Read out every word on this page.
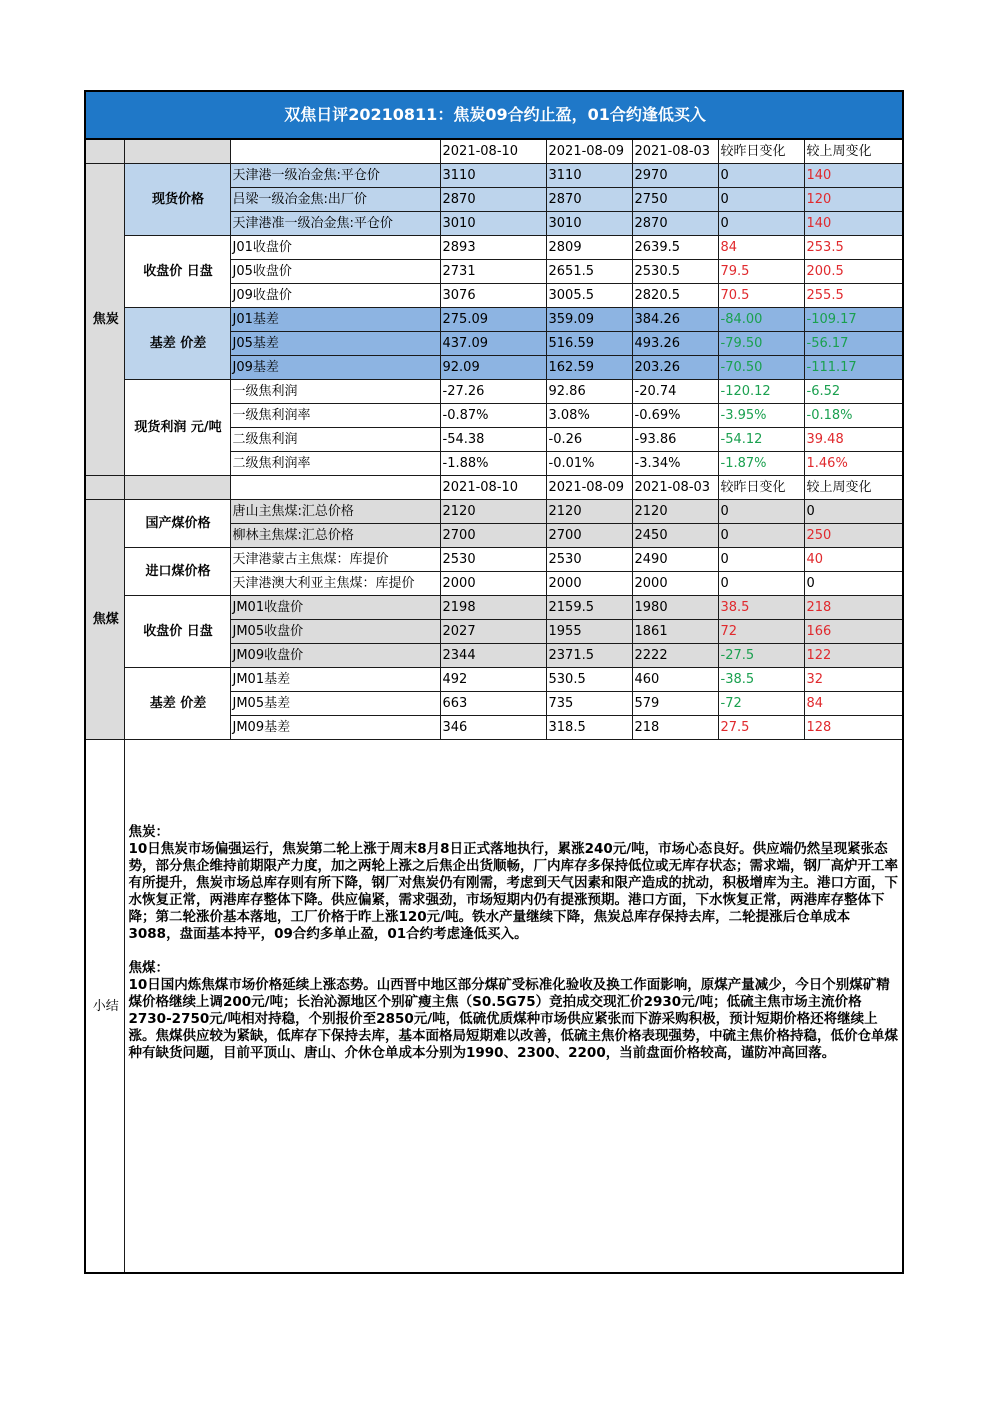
双焦日评20210811：焦炭09合约止盈，01合约逢低买入							
			2021-08-10	2021-08-09	2021-08-03	较昨日变化	较上周变化
焦炭	现货价格	天津港一级冶金焦:平仓价	3110	3110	2970	0	140
		吕梁一级冶金焦:出厂价	2870	2870	2750	0	120
		天津港准一级冶金焦:平仓价	3010	3010	2870	0	140
	收盘价 日盘	J01收盘价	2893	2809	2639.5	84	253.5
		J05收盘价	2731	2651.5	2530.5	79.5	200.5
		J09收盘价	3076	3005.5	2820.5	70.5	255.5
	基差 价差	J01基差	275.09	359.09	384.26	-84.00	-109.17
		J05基差	437.09	516.59	493.26	-79.50	-56.17
		J09基差	92.09	162.59	203.26	-70.50	-111.17
	现货利润 元/吨	一级焦利润	-27.26	92.86	-20.74	-120.12	-6.52
		一级焦利润率	-0.87%	3.08%	-0.69%	-3.95%	-0.18%
		二级焦利润	-54.38	-0.26	-93.86	-54.12	39.48
		二级焦利润率	-1.88%	-0.01%	-3.34%	-1.87%	1.46%
			2021-08-10	2021-08-09	2021-08-03	较昨日变化	较上周变化
焦煤	国产煤价格	唐山主焦煤:汇总价格	2120	2120	2120	0	0
		柳林主焦煤:汇总价格	2700	2700	2450	0	250
	进口煤价格	天津港蒙古主焦煤：库提价	2530	2530	2490	0	40
		天津港澳大利亚主焦煤：库提价	2000	2000	2000	0	0
	收盘价 日盘	JM01收盘价	2198	2159.5	1980	38.5	218
		JM05收盘价	2027	1955	1861	72	166
		JM09收盘价	2344	2371.5	2222	-27.5	122
	基差 价差	JM01基差	492	530.5	460	-38.5	32
		JM05基差	663	735	579	-72	84
		JM09基差	346	318.5	218	27.5	128
小结	焦炭：
10日焦炭市场偏强运行，焦炭第二轮上涨于周末8月8日正式落地执行，累涨240元/吨，市场心态良好。供应端仍然呈现紧张态势，部分焦企维持前期限产力度，加之两轮上涨之后焦企出货顺畅，厂内库存多保持低位或无库存状态；需求端，钢厂高炉开工率有所提升，焦炭市场总库存则有所下降，钢厂对焦炭仍有刚需，考虑到天气因素和限产造成的扰动，积极增库为主。港口方面，下水恢复正常，两港库存整体下降。供应偏紧，需求强劲，市场短期内仍有提涨预期。港口方面，下水恢复正常，两港库存整体下降；第二轮涨价基本落地，工厂价格于昨上涨120元/吨。铁水产量继续下降，焦炭总库存保持去库，二轮提涨后仓单成本3088，盘面基本持平，09合约多单止盈，01合约考虑逢低买入。
焦煤：
10日国内炼焦煤市场价格延续上涨态势。山西晋中地区部分煤矿受标准化验收及换工作面影响，原煤产量减少，今日个别煤矿精煤价格继续上调200元/吨；长治沁源地区个别矿瘦主焦（S0.5G75）竞拍成交现汇价2930元/吨；低硫主焦市场主流价格2730-2750元/吨相对持稳，个别报价至2850元/吨，低硫优质煤种市场供应紧张而下游采购积极，预计短期价格还将继续上涨。焦煤供应较为紧缺，低库存下保持去库，基本面格局短期难以改善，低硫主焦价格表现强势，中硫主焦价格持稳，低价仓单煤种有缺货问题，目前平顶山、唐山、介休仓单成本分别为1990、2300、2200，当前盘面价格较高，谨防冲高回落。						
